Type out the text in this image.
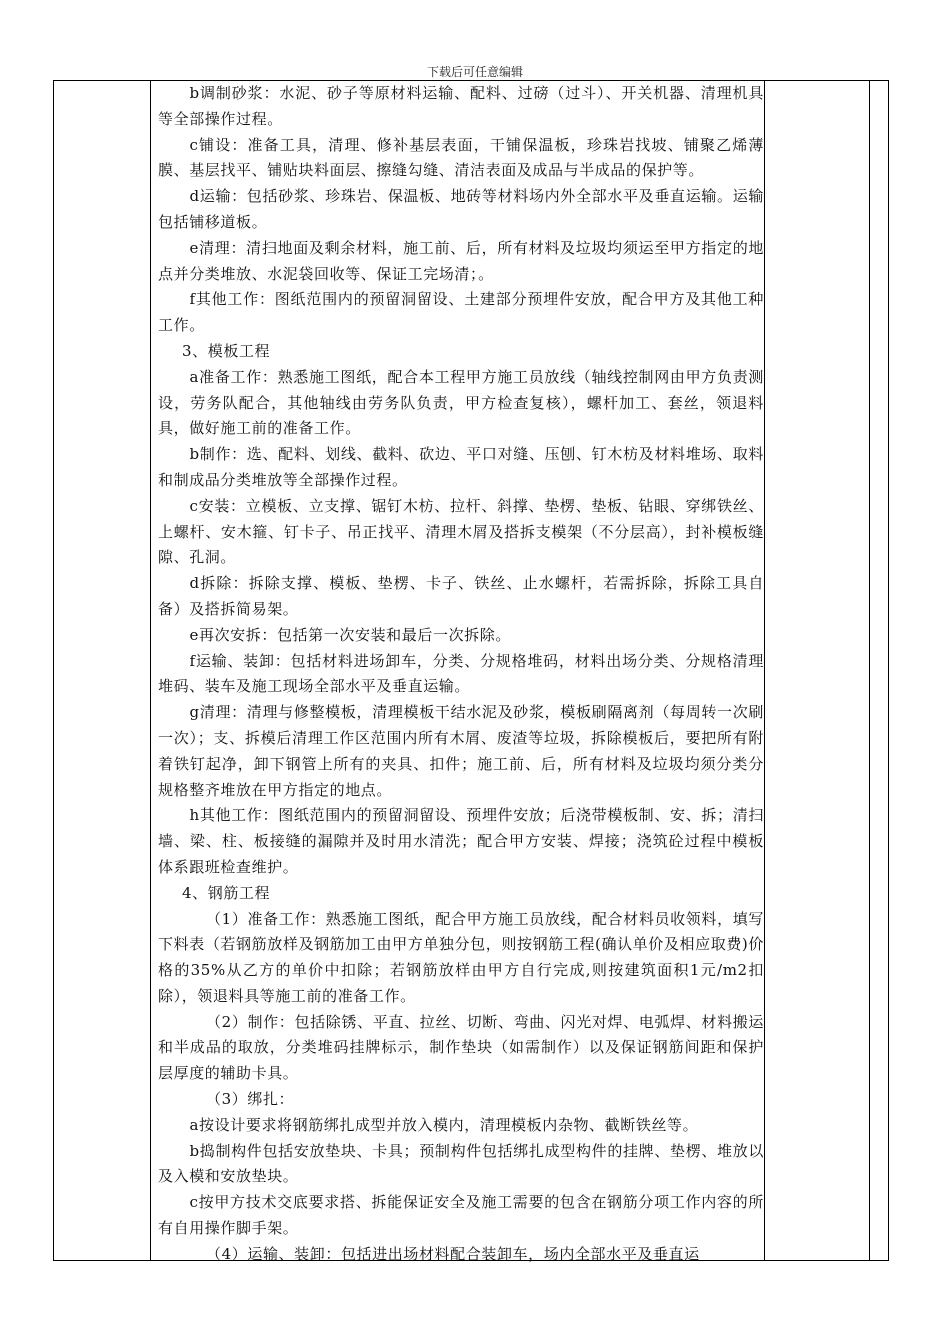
下载后可任意编辑

b调制砂浆：水泥、砂子等原材料运输、配料、过磅（过斗）、开关机器、清理机具等全部操作过程。

c铺设：准备工具，清理、修补基层表面，干铺保温板，珍珠岩找坡、铺聚乙烯薄膜、基层找平、铺贴块料面层、擦缝勾缝、清洁表面及成品与半成品的保护等。

d运输：包括砂浆、珍珠岩、保温板、地砖等材料场内外全部水平及垂直运输。运输包括铺移道板。

e清理：清扫地面及剩余材料，施工前、后，所有材料及垃圾均须运至甲方指定的地点并分类堆放、水泥袋回收等、保证工完场清；。

f其他工作：图纸范围内的预留洞留设、土建部分预埋件安放，配合甲方及其他工种工作。

3、模板工程

a准备工作：熟悉施工图纸，配合本工程甲方施工员放线（轴线控制网由甲方负责测设，劳务队配合，其他轴线由劳务队负责，甲方检查复核），螺杆加工、套丝，领退料具，做好施工前的准备工作。

b制作：选、配料、划线、截料、砍边、平口对缝、压刨、钉木枋及材料堆场、取料和制成品分类堆放等全部操作过程。

c安装：立模板、立支撑、锯钉木枋、拉杆、斜撑、垫楞、垫板、钻眼、穿绑铁丝、上螺杆、安木箍、钉卡子、吊正找平、清理木屑及搭拆支模架（不分层高），封补模板缝隙、孔洞。

d拆除：拆除支撑、模板、垫楞、卡子、铁丝、止水螺杆，若需拆除，拆除工具自备）及搭拆简易架。

e再次安拆：包括第一次安装和最后一次拆除。

f运输、装卸：包括材料进场卸车，分类、分规格堆码，材料出场分类、分规格清理堆码、装车及施工现场全部水平及垂直运输。

g清理：清理与修整模板，清理模板干结水泥及砂浆，模板刷隔离剂（每周转一次刷一次）；支、拆模后清理工作区范围内所有木屑、废渣等垃圾，拆除模板后，要把所有附着铁钉起净，卸下钢管上所有的夹具、扣件；施工前、后，所有材料及垃圾均须分类分规格整齐堆放在甲方指定的地点。

h其他工作：图纸范围内的预留洞留设、预埋件安放；后浇带模板制、安、拆；清扫墙、梁、柱、板接缝的漏隙并及时用水清洗；配合甲方安装、焊接；浇筑砼过程中模板体系跟班检查维护。

4、钢筋工程

（1）准备工作：熟悉施工图纸，配合甲方施工员放线，配合材料员收领料，填写下料表（若钢筋放样及钢筋加工由甲方单独分包，则按钢筋工程(确认单价及相应取费)价格的35%从乙方的单价中扣除；若钢筋放样由甲方自行完成,则按建筑面积1元/m2扣除），领退料具等施工前的准备工作。

（2）制作：包括除锈、平直、拉丝、切断、弯曲、闪光对焊、电弧焊、材料搬运和半成品的取放，分类堆码挂牌标示，制作垫块（如需制作）以及保证钢筋间距和保护层厚度的辅助卡具。

（3）绑扎：

a按设计要求将钢筋绑扎成型并放入模内，清理模板内杂物、截断铁丝等。

b捣制构件包括安放垫块、卡具；预制构件包括绑扎成型构件的挂牌、垫楞、堆放以及入模和安放垫块。

c按甲方技术交底要求搭、拆能保证安全及施工需要的包含在钢筋分项工作内容的所有自用操作脚手架。

（4）运输、装卸：包括进出场材料配合装卸车，场内全部水平及垂直运
